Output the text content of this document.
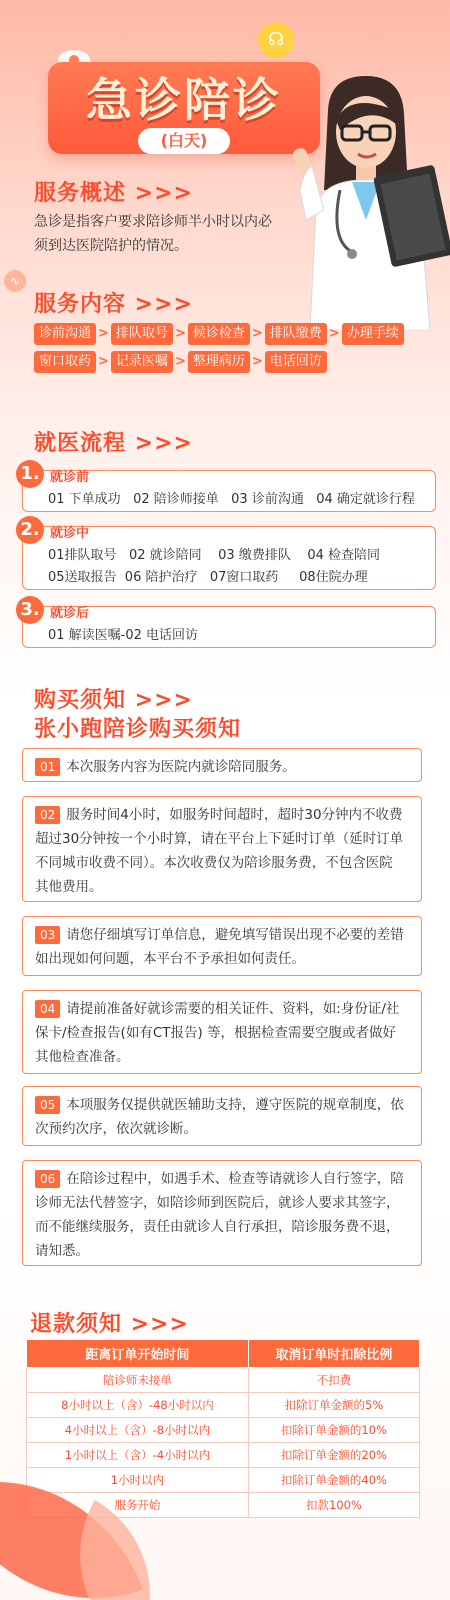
☊
∿
急诊陪诊
(白天)
服务概述 >>>
急诊是指客户要求陪诊师半小时以内必
须到达医院陪护的情况。
服务内容 >>>
诊前沟通 > 排队取号 > 候诊检查 > 排队缴费 > 办理手续
窗口取药 > 记录医嘱 > 整理病历 > 电话回访
就医流程 >>>
1. 就诊前
01 下单成功   02 陪诊师接单   03 诊前沟通   04 确定就诊行程
2. 就诊中
01排队取号   02 就诊陪同    03 缴费排队    04 检查陪同
05送取报告  06 陪护治疗   07窗口取药     08住院办理
3. 就诊后
01 解读医嘱-02 电话回访
购买须知 >>>
张小跑陪诊购买须知
01 本次服务内容为医院内就诊陪同服务。
02 服务时间4小时，如服务时间超时，超时30分钟内不收费
超过30分钟按一个小时算，请在平台上下延时订单（延时订单
不同城市收费不同）。本次收费仅为陪诊服务费，不包含医院
其他费用。
03 请您仔细填写订单信息，避免填写错误出现不必要的差错
如出现如何问题，本平台不予承担如何责任。
04 请提前准备好就诊需要的相关证件、资料，如:身份证/社
保卡/检查报告(如有CT报告) 等，根据检查需要空腹或者做好
其他检查准备。
05 本项服务仅提供就医辅助支持，遵守医院的规章制度，依
次预约次序，依次就诊断。
06 在陪诊过程中，如遇手术、检查等请就诊人自行签字，陪
诊师无法代替签字，如陪诊师到医院后，就诊人要求其签字，
而不能继续服务，责任由就诊人自行承担，陪诊服务费不退，
请知悉。
退款须知 >>>
距离订单开始时间	取消订单时扣除比例
陪诊师未接单	不扣费
8小时以上（含）-48小时以内	扣除订单金额的5%
4小时以上（含）-8小时以内	扣除订单金额的10%
1小时以上（含）-4小时以内	扣除订单金额的20%
1小时以内	扣除订单金额的40%
服务开始	扣款100%
